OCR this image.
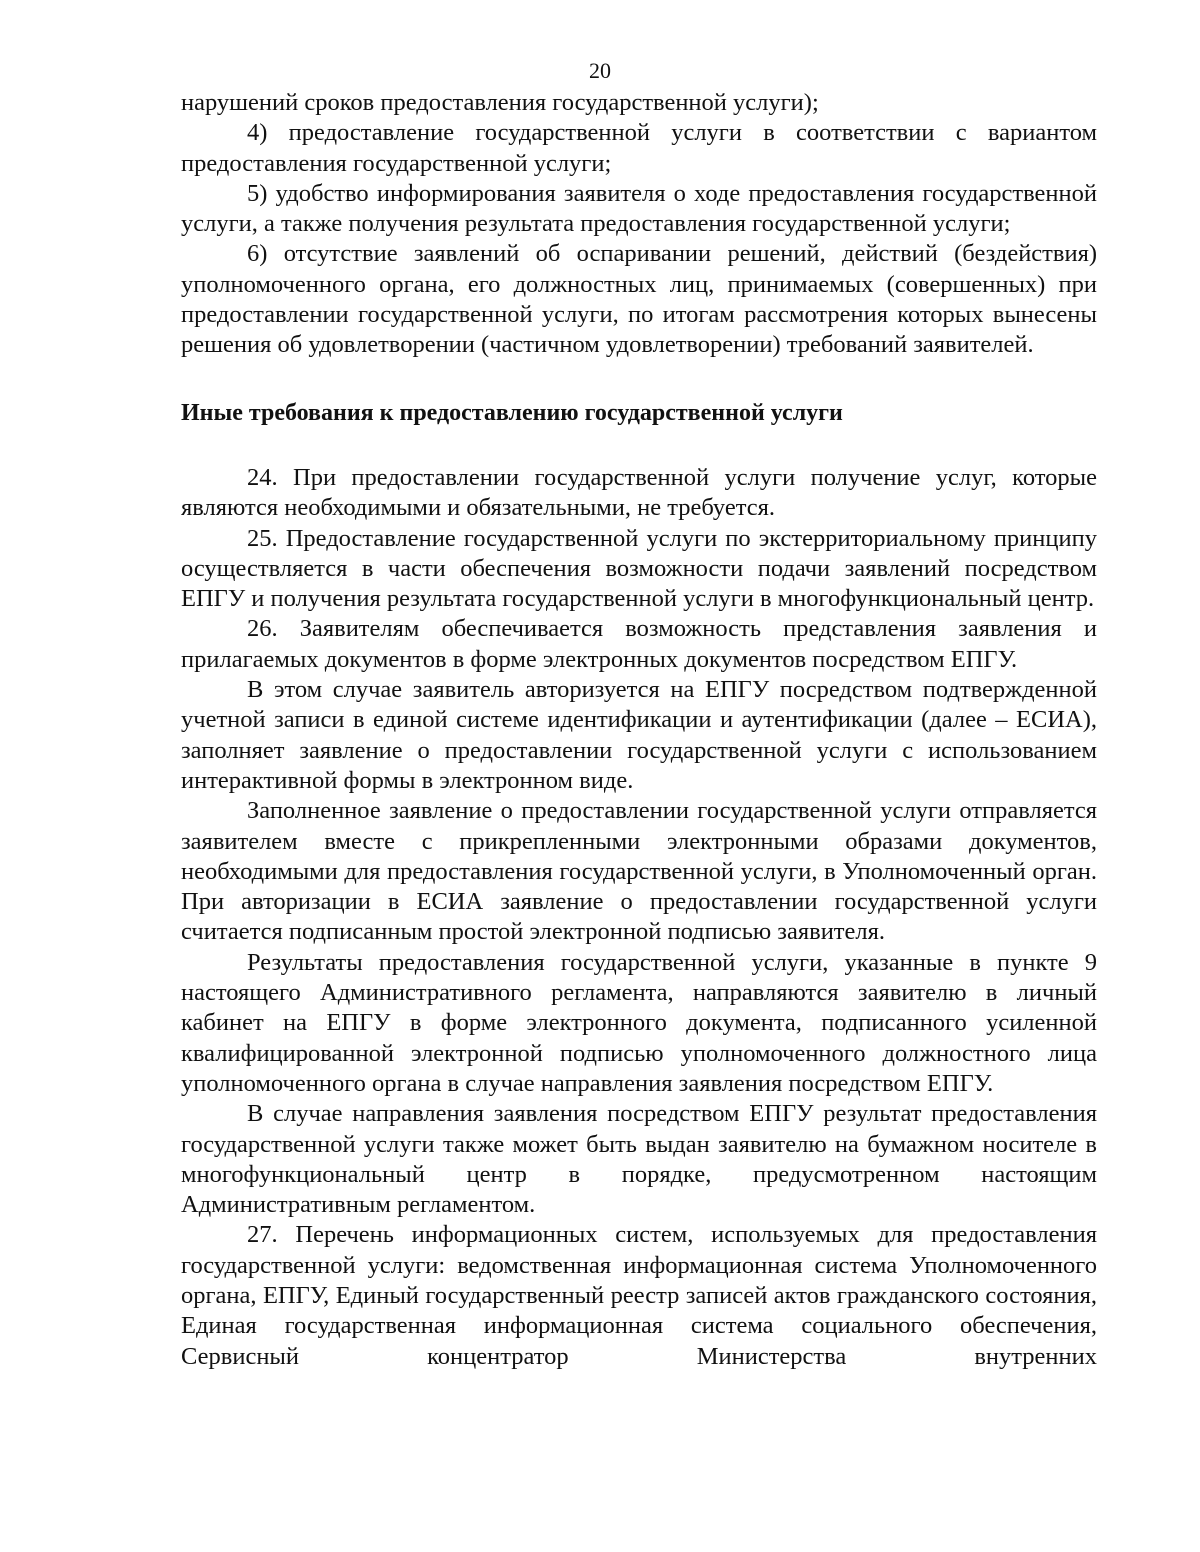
20

нарушений сроков предоставления государственной услуги);

4) предоставление государственной услуги в соответствии с вариантом предоставления государственной услуги;

5) удобство информирования заявителя о ходе предоставления государственной услуги, а также получения результата предоставления государственной услуги;

6) отсутствие заявлений об оспаривании решений, действий (бездействия) уполномоченного органа, его должностных лиц, принимаемых (совершенных) при предоставлении государственной услуги, по итогам рассмотрения которых вынесены решения об удовлетворении (частичном удовлетворении) требований заявителей.

Иные требования к предоставлению государственной услуги

24. При предоставлении государственной услуги получение услуг, которые являются необходимыми и обязательными, не требуется.

25. Предоставление государственной услуги по экстерриториальному принципу осуществляется в части обеспечения возможности подачи заявлений посредством ЕПГУ и получения результата государственной услуги в многофункциональный центр.

26. Заявителям обеспечивается возможность представления заявления и прилагаемых документов в форме электронных документов посредством ЕПГУ.

В этом случае заявитель авторизуется на ЕПГУ посредством подтвержденной учетной записи в единой системе идентификации и аутентификации (далее – ЕСИА), заполняет заявление о предоставлении государственной услуги с использованием интерактивной формы в электронном виде.

Заполненное заявление о предоставлении государственной услуги отправляется заявителем вместе с прикрепленными электронными образами документов, необходимыми для предоставления государственной услуги, в Уполномоченный орган. При авторизации в ЕСИА заявление о предоставлении государственной услуги считается подписанным простой электронной подписью заявителя.

Результаты предоставления государственной услуги, указанные в пункте 9 настоящего Административного регламента, направляются заявителю в личный кабинет на ЕПГУ в форме электронного документа, подписанного усиленной квалифицированной электронной подписью уполномоченного должностного лица уполномоченного органа в случае направления заявления посредством ЕПГУ.

В случае направления заявления посредством ЕПГУ результат предоставления государственной услуги также может быть выдан заявителю на бумажном носителе в многофункциональный центр в порядке, предусмотренном настоящим Административным регламентом.

27. Перечень информационных систем, используемых для предоставления государственной услуги: ведомственная информационная система Уполномоченного органа, ЕПГУ, Единый государственный реестр записей актов гражданского состояния, Единая государственная информационная система социального обеспечения, Сервисный концентратор Министерства внутренних
